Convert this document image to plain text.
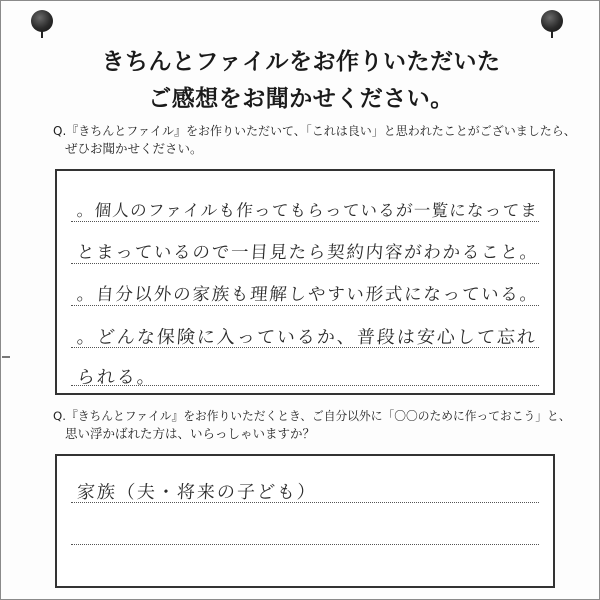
きちんとファイルをお作りいただいた
ご感想をお聞かせください。
Q.『きちんとファイル』をお作りいただいて、「これは良い」と思われたことがございましたら、
ぜひお聞かせください。
。個人のファイルも作ってもらっているが一覧になってま
とまっているので一目見たら契約内容がわかること。
。自分以外の家族も理解しやすい形式になっている。
。どんな保険に入っているか、普段は安心して忘れ
られる。
Q.『きちんとファイル』をお作りいただくとき、ご自分以外に「〇〇のために作っておこう」と、
思い浮かばれた方は、いらっしゃいますか？
家族（夫・将来の子ども）
